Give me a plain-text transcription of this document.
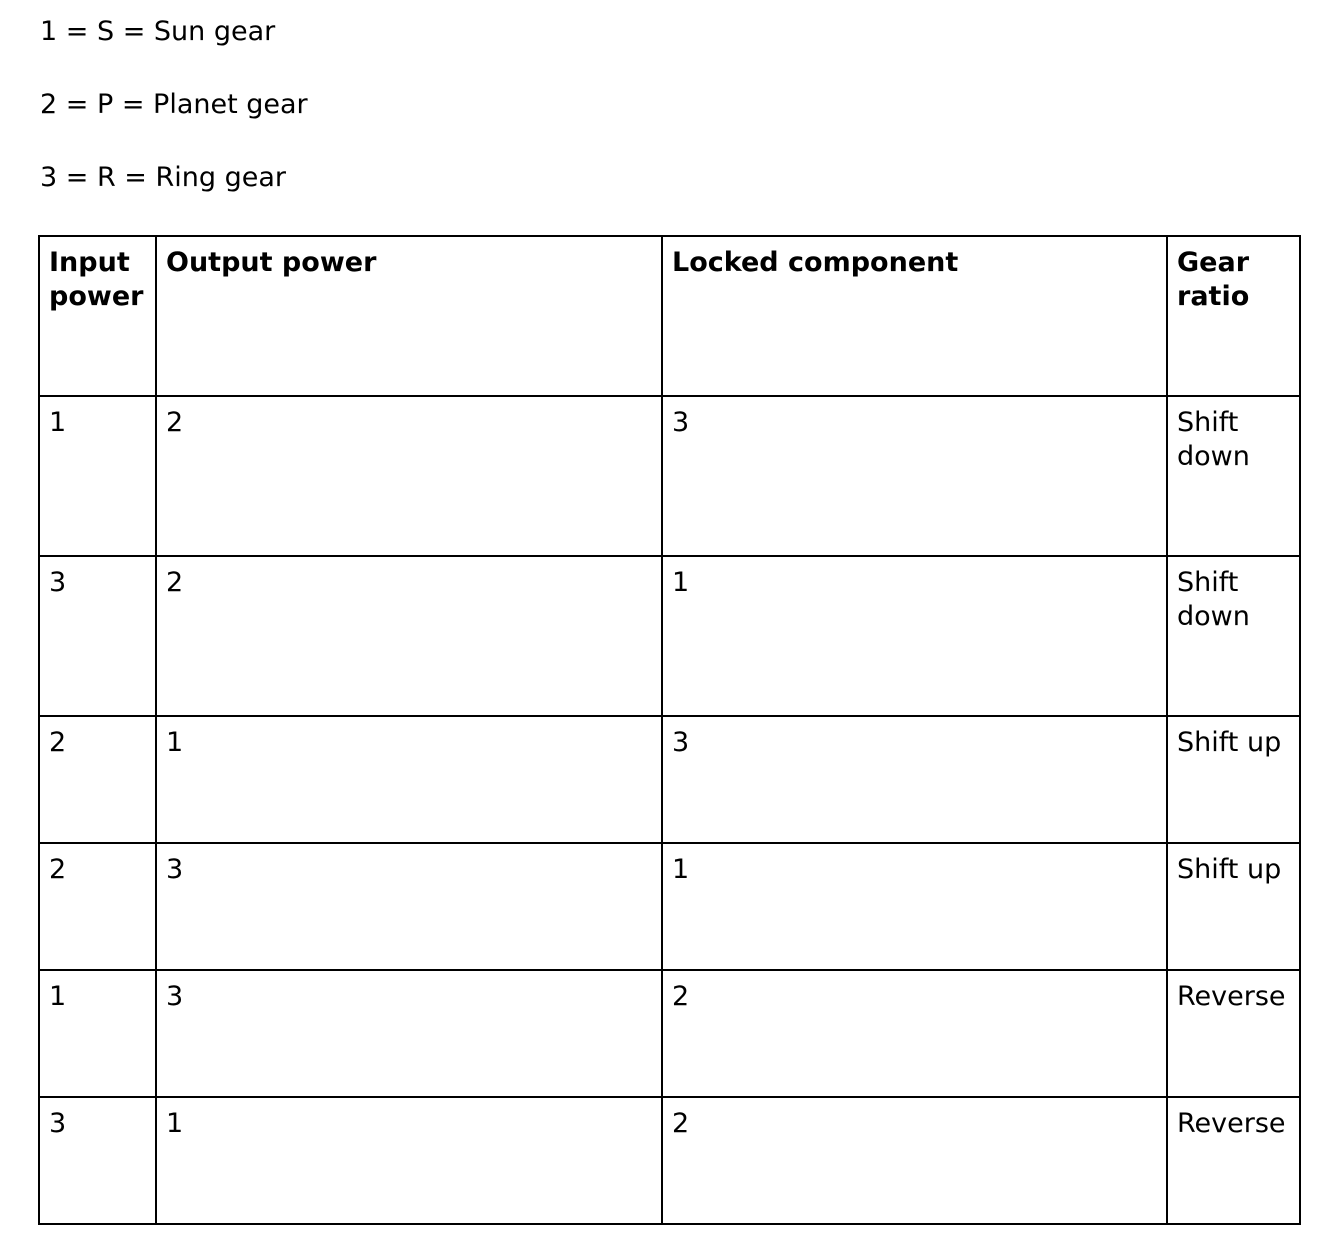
1 = S = Sun gear
2 = P = Planet gear
3 = R = Ring gear
Input power	Output power	Locked component	Gear ratio
1	2	3	Shift down
3	2	1	Shift down
2	1	3	Shift up
2	3	1	Shift up
1	3	2	Reverse
3	1	2	Reverse
